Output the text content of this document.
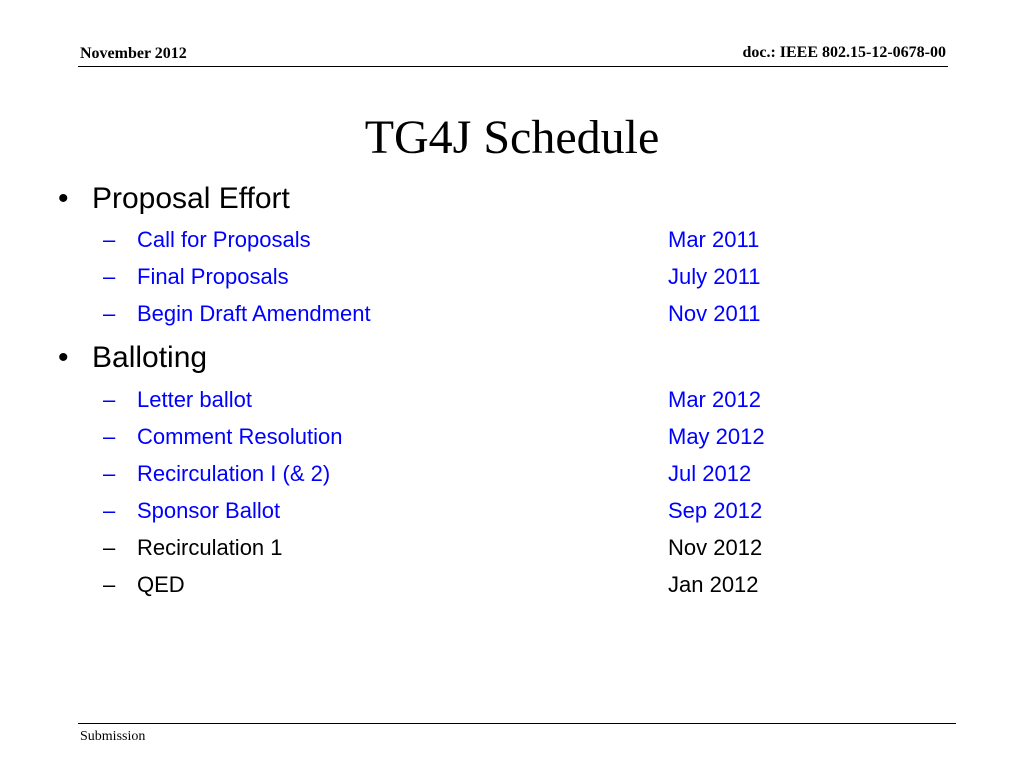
November 2012	doc.: IEEE 802.15-12-0678-00
TG4J Schedule
• Proposal Effort
– Call for Proposals	Mar 2011
– Final Proposals	July 2011
– Begin Draft Amendment	Nov 2011
• Balloting
– Letter ballot	Mar 2012
– Comment Resolution	May 2012
– Recirculation I (& 2)	Jul 2012
– Sponsor Ballot	Sep 2012
– Recirculation 1	Nov 2012
– QED	Jan 2012
Submission
